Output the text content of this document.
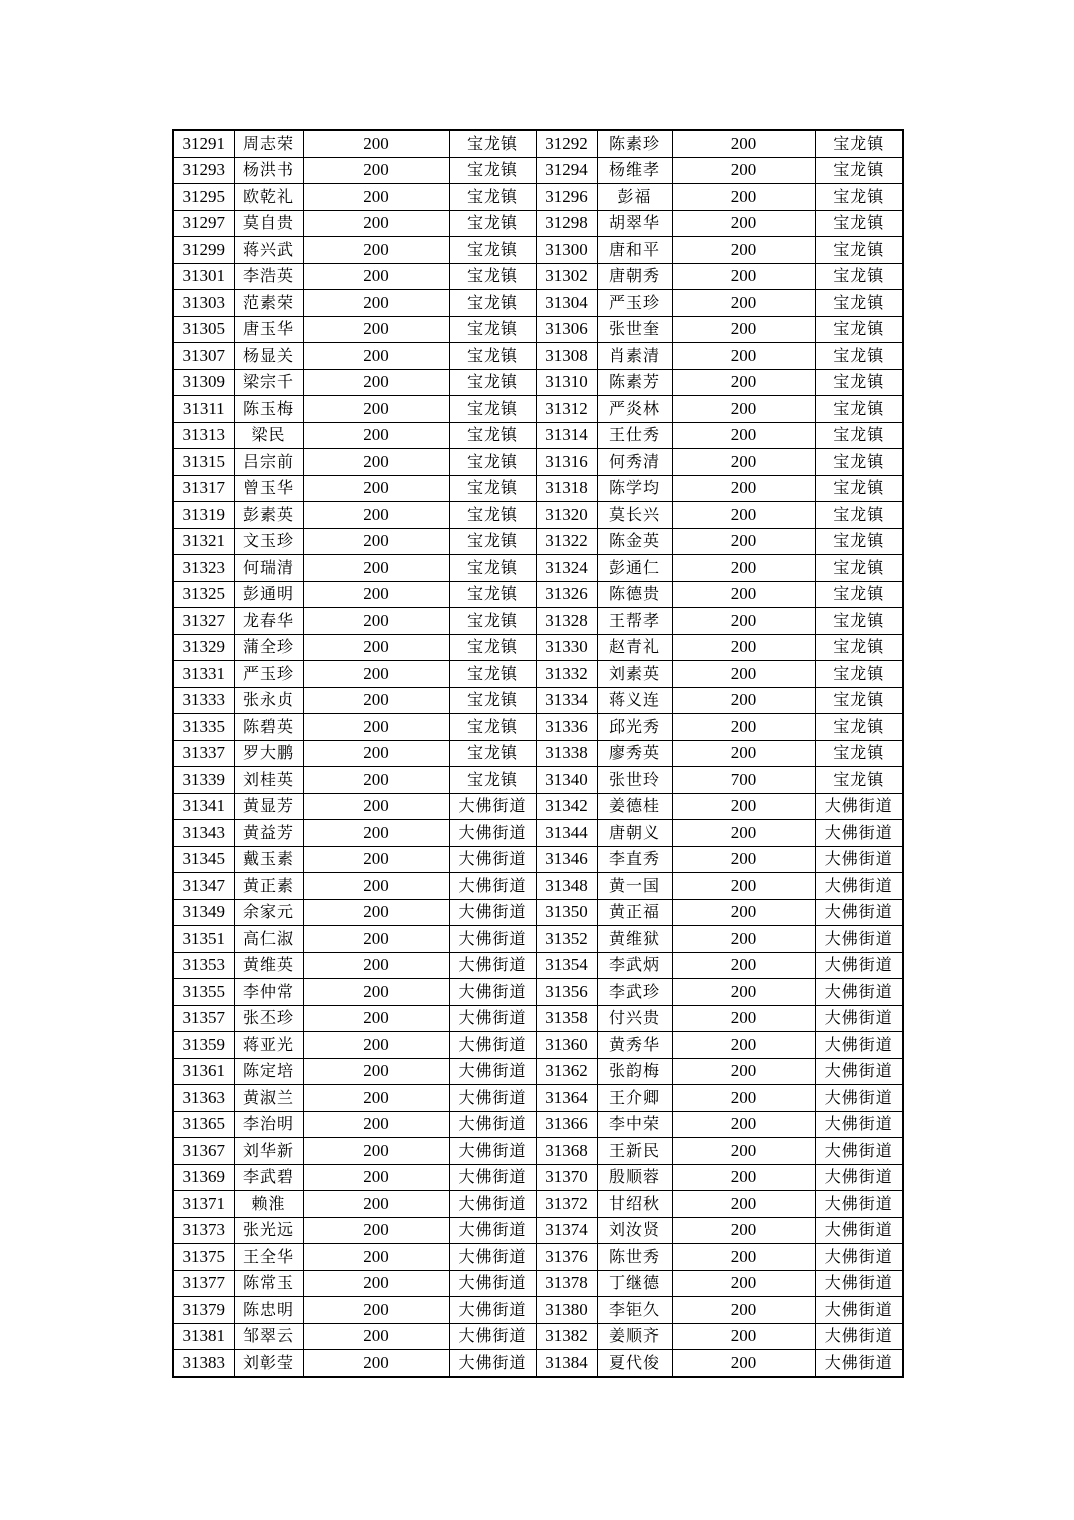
31291	周志荣	200	宝龙镇	31292	陈素珍	200	宝龙镇
31293	杨洪书	200	宝龙镇	31294	杨维孝	200	宝龙镇
31295	欧乾礼	200	宝龙镇	31296	彭福	200	宝龙镇
31297	莫自贵	200	宝龙镇	31298	胡翠华	200	宝龙镇
31299	蒋兴武	200	宝龙镇	31300	唐和平	200	宝龙镇
31301	李浩英	200	宝龙镇	31302	唐朝秀	200	宝龙镇
31303	范素荣	200	宝龙镇	31304	严玉珍	200	宝龙镇
31305	唐玉华	200	宝龙镇	31306	张世奎	200	宝龙镇
31307	杨显关	200	宝龙镇	31308	肖素清	200	宝龙镇
31309	梁宗千	200	宝龙镇	31310	陈素芳	200	宝龙镇
31311	陈玉梅	200	宝龙镇	31312	严炎林	200	宝龙镇
31313	梁民	200	宝龙镇	31314	王仕秀	200	宝龙镇
31315	吕宗前	200	宝龙镇	31316	何秀清	200	宝龙镇
31317	曾玉华	200	宝龙镇	31318	陈学均	200	宝龙镇
31319	彭素英	200	宝龙镇	31320	莫长兴	200	宝龙镇
31321	文玉珍	200	宝龙镇	31322	陈金英	200	宝龙镇
31323	何瑞清	200	宝龙镇	31324	彭通仁	200	宝龙镇
31325	彭通明	200	宝龙镇	31326	陈德贵	200	宝龙镇
31327	龙春华	200	宝龙镇	31328	王帮孝	200	宝龙镇
31329	蒲全珍	200	宝龙镇	31330	赵青礼	200	宝龙镇
31331	严玉珍	200	宝龙镇	31332	刘素英	200	宝龙镇
31333	张永贞	200	宝龙镇	31334	蒋义连	200	宝龙镇
31335	陈碧英	200	宝龙镇	31336	邱光秀	200	宝龙镇
31337	罗大鹏	200	宝龙镇	31338	廖秀英	200	宝龙镇
31339	刘桂英	200	宝龙镇	31340	张世玲	700	宝龙镇
31341	黄显芳	200	大佛街道	31342	姜德桂	200	大佛街道
31343	黄益芳	200	大佛街道	31344	唐朝义	200	大佛街道
31345	戴玉素	200	大佛街道	31346	李直秀	200	大佛街道
31347	黄正素	200	大佛街道	31348	黄一国	200	大佛街道
31349	余家元	200	大佛街道	31350	黄正福	200	大佛街道
31351	高仁淑	200	大佛街道	31352	黄维狱	200	大佛街道
31353	黄维英	200	大佛街道	31354	李武炳	200	大佛街道
31355	李仲常	200	大佛街道	31356	李武珍	200	大佛街道
31357	张丕珍	200	大佛街道	31358	付兴贵	200	大佛街道
31359	蒋亚光	200	大佛街道	31360	黄秀华	200	大佛街道
31361	陈定培	200	大佛街道	31362	张韵梅	200	大佛街道
31363	黄淑兰	200	大佛街道	31364	王介卿	200	大佛街道
31365	李治明	200	大佛街道	31366	李中荣	200	大佛街道
31367	刘华新	200	大佛街道	31368	王新民	200	大佛街道
31369	李武碧	200	大佛街道	31370	殷顺蓉	200	大佛街道
31371	赖淮	200	大佛街道	31372	甘绍秋	200	大佛街道
31373	张光远	200	大佛街道	31374	刘汝贤	200	大佛街道
31375	王全华	200	大佛街道	31376	陈世秀	200	大佛街道
31377	陈常玉	200	大佛街道	31378	丁继德	200	大佛街道
31379	陈忠明	200	大佛街道	31380	李钜久	200	大佛街道
31381	邹翠云	200	大佛街道	31382	姜顺齐	200	大佛街道
31383	刘彰莹	200	大佛街道	31384	夏代俊	200	大佛街道
